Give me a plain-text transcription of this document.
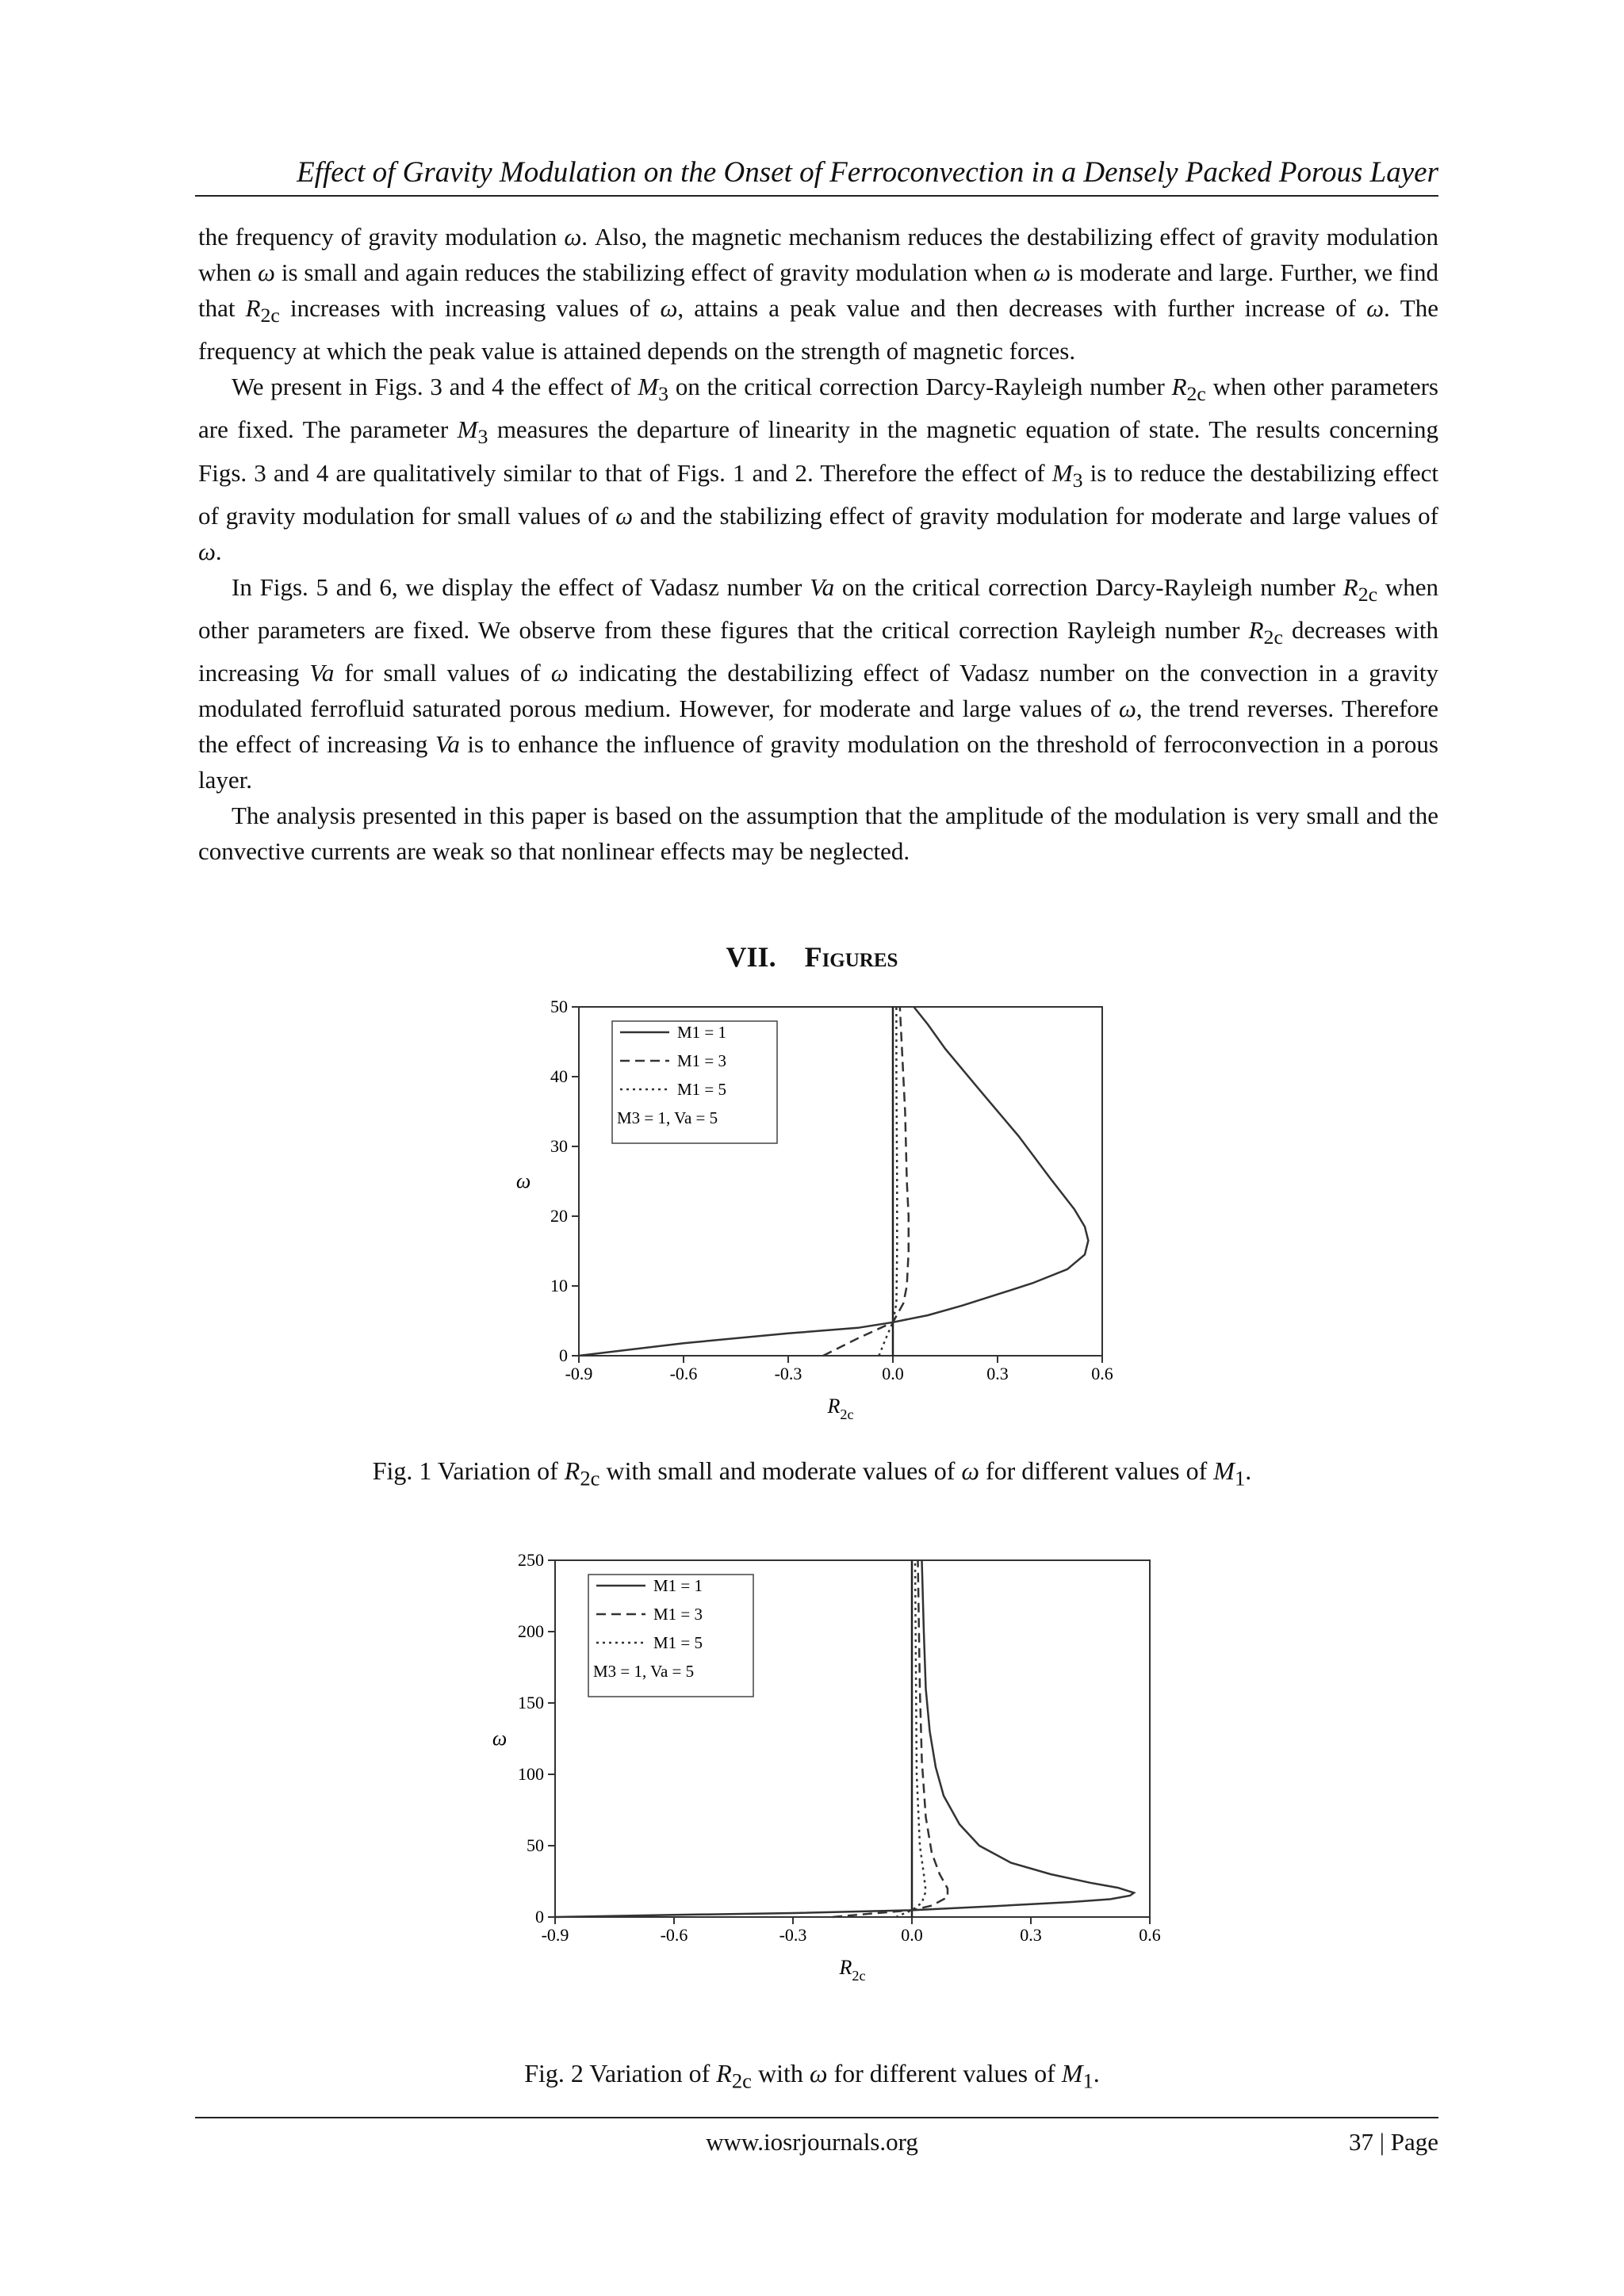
Effect of Gravity Modulation on the Onset of Ferroconvection in a Densely Packed Porous Layer

the frequency of gravity modulation ω. Also, the magnetic mechanism reduces the destabilizing effect of gravity modulation when ω is small and again reduces the stabilizing effect of gravity modulation when ω is moderate and large. Further, we find that $R_{2c}$ increases with increasing values of ω, attains a peak value and then decreases with further increase of ω. The frequency at which the peak value is attained depends on the strength of magnetic forces.

We present in Figs. 3 and 4 the effect of $M_3$ on the critical correction Darcy-Rayleigh number $R_{2c}$ when other parameters are fixed. The parameter $M_3$ measures the departure of linearity in the magnetic equation of state. The results concerning Figs. 3 and 4 are qualitatively similar to that of Figs. 1 and 2. Therefore the effect of $M_3$ is to reduce the destabilizing effect of gravity modulation for small values of ω and the stabilizing effect of gravity modulation for moderate and large values of ω.

In Figs. 5 and 6, we display the effect of Vadasz number Va on the critical correction Darcy-Rayleigh number $R_{2c}$ when other parameters are fixed. We observe from these figures that the critical correction Rayleigh number $R_{2c}$ decreases with increasing Va for small values of ω indicating the destabilizing effect of Vadasz number on the convection in a gravity modulated ferrofluid saturated porous medium. However, for moderate and large values of ω, the trend reverses. Therefore the effect of increasing Va is to enhance the influence of gravity modulation on the threshold of ferroconvection in a porous layer.

The analysis presented in this paper is based on the assumption that the amplitude of the modulation is very small and the convective currents are weak so that nonlinear effects may be neglected.

VII. Figures
-0.9	-0.6	-0.3	0.0	0.3	0.6
0
10
20
30
40
50
$R_{2c}$
ω
M1 = 1
M1 = 3
M1 = 5
M3 = 1, Va = 5
Fig. 1 Variation of $R_{2c}$ with small and moderate values of ω for different values of $M_1$.
-0.9	-0.6	-0.3	0.0	0.3	0.6
0
50
100
150
200
250
$R_{2c}$
ω
M1 = 1
M1 = 3
M1 = 5
M3 = 1, Va = 5
Fig. 2 Variation of $R_{2c}$ with ω for different values of $M_1$.
www.iosrjournals.org	37 | Page
